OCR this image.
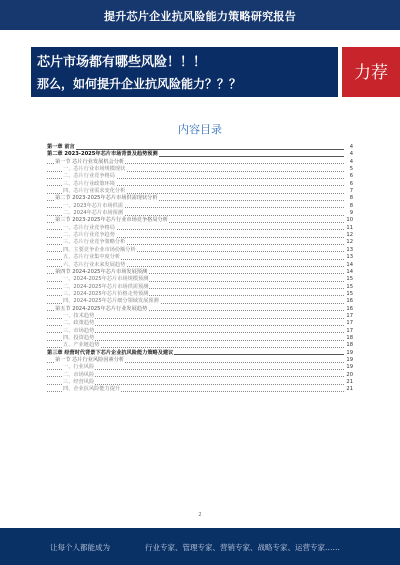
提升芯片企业抗风险能力策略研究报告
芯片市场都有哪些风险！！！
那么，如何提升企业抗风险能力？？？
力荐
内容目录
第一章 前言	4
第二章 2023-2025年芯片市场背景及趋势预测	4
第一节 芯片行业发展机会分析	4
一、芯片行业市场规模现状	5
二、芯片行业竞争格局	6
三、芯片行业政策环境	6
四、芯片行业需求变化分析	7
第二节 2023-2025年芯片市场供需现状分析	8
一、2023年芯片市场供需	8
二、2024年芯片市场预测	9
第三节 2023-2025年芯片行业市场竞争格局分析	10
一、芯片行业竞争格局	11
二、芯片行业竞争趋势	12
三、芯片行业竞争策略分析	12
四、主要竞争企业市场份额分析	13
五、芯片行业集中度分析	13
六、芯片行业未来发展趋势	14
第四节 2024-2025年芯片市场发展预测	14
一、2024-2025年芯片市场规模预测	15
二、2024-2025年芯片市场供需预测	15
三、2024-2025年芯片价格走势预测	15
四、2024-2025年芯片细分领域发展预测	16
第五节 2024-2025年芯片行业发展趋势	16
一、技术趋势	17
二、政策趋势	17
三、市场趋势	17
四、投资趋势	18
五、产业链趋势	18
第三章 经营时代背景下芯片企业抗风险能力策略及建议	19
第一节 芯片行业风险因素分析	19
一、行业风险	19
二、市场风险	20
三、经营风险	21
四、企业抗风险能力提升	21
2
让每个人都能成为	行业专家、管理专家、营销专家、战略专家、运营专家……
